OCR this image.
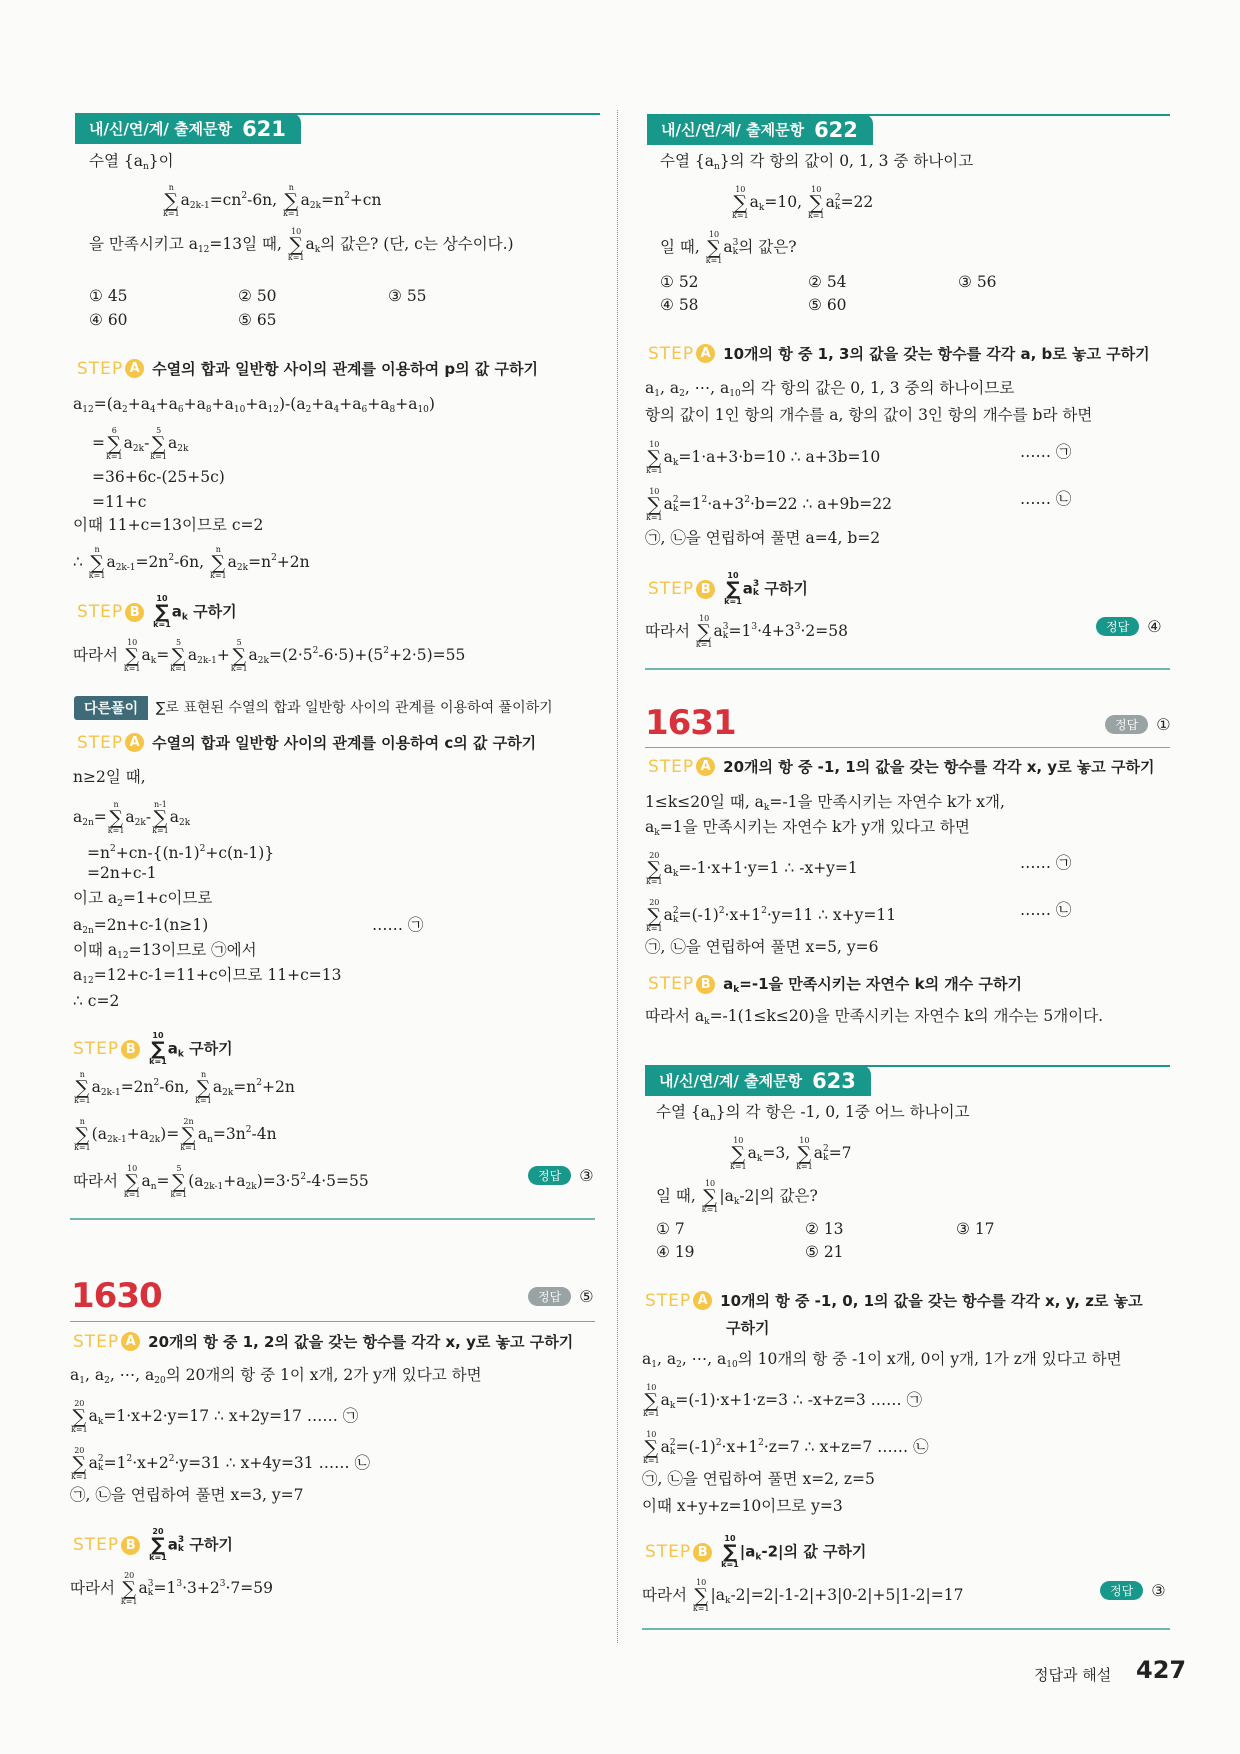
내/신/연/계/ 출제문항 621
수열 $\{a_n\}$이
n
∑
k=1
$a_{2k-1}=cn^2-6n$,
n
∑
k=1
$a_{2k}=n^2+cn$
을 만족시키고 $a_{12}=13$일 때,
10
∑
k=1
$a_k$의 값은? (단, c는 상수이다.)
① 45	② 50	③ 55
④ 60	⑤ 65
STEP A 수열의 합과 일반항 사이의 관계를 이용하여 p의 값 구하기
$a_{12}=(a_2+a_4+a_6+a_8+a_{10}+a_{12})-(a_2+a_4+a_6+a_8+a_{10})$
=
6
∑
k=1
$a_{2k}-$
5
∑
k=1
$a_{2k}$
=36+6c-(25+5c)
=11+c
이때 11+c=13이므로 c=2
∴
n
∑
k=1
$a_{2k-1}=2n^2-6n$,
n
∑
k=1
$a_{2k}=n^2+2n$
STEP B
10
∑
k=1
$a_k$ 구하기
따라서
10
∑
k=1
$a_k=$
5
∑
k=1
$a_{2k-1}+$
5
∑
k=1
$a_{2k}=(2\cdot 5^2-6\cdot 5)+(5^2+2\cdot 5)=55$
다른풀이	∑로 표현된 수열의 합과 일반항 사이의 관계를 이용하여 풀이하기
STEP A 수열의 합과 일반항 사이의 관계를 이용하여 c의 값 구하기
n≥2일 때,
$a_{2n}=$
n
∑
k=1
$a_{2k}-$
n-1
∑
k=1
$a_{2k}$
$=n^2+cn-\{(n-1)^2+c(n-1)\}$
=2n+c-1
이고 $a_2=1+c$이므로
$a_{2n}=2n+c-1(n\ge 1)$	…… ㉠
이때 $a_{12}=13$이므로 ㉠에서
$a_{12}=12+c-1=11+c$이므로 11+c=13
∴ c=2
STEP B
10
∑
k=1
$a_k$ 구하기
n
∑
k=1
$a_{2k-1}=2n^2-6n$,
n
∑
k=1
$a_{2k}=n^2+2n$
n
∑
k=1
$(a_{2k-1}+a_{2k})=$
2n
∑
k=1
$a_n=3n^2-4n$
따라서
10
∑
k=1
$a_n=$
5
∑
k=1
$(a_{2k-1}+a_{2k})=3\cdot 5^2-4\cdot 5=55$	정답	③
1630	정답	⑤
STEP A 20개의 항 중 1, 2의 값을 갖는 항수를 각각 x, y로 놓고 구하기
$a_1$, $a_2$, ⋯, $a_{20}$의 20개의 항 중 1이 x개, 2가 y개 있다고 하면
20
∑
k=1
$a_k=1\cdot x+2\cdot y=17$ ∴ x+2y=17 …… ㉠
20
∑
k=1
a 2
$k =1^2\cdot x+2^2\cdot y=31$ ∴ x+4y=31 …… ㉡
㉠, ㉡을 연립하여 풀면 x=3, y=7
STEP B
20
∑
k=1
a 3
k 구하기
따라서
20
∑
k=1
a 3
$k =1^3\cdot 3+2^3\cdot 7=59$
내/신/연/계/ 출제문항 622
수열 $\{a_n\}$의 각 항의 값이 0, 1, 3 중 하나이고
10
∑
k=1
$a_k=10$,
10
∑
k=1
a 2
k =22
일 때,
10
∑
k=1
a 3
k 의 값은?
① 52	② 54	③ 56
④ 58	⑤ 60
STEP A 10개의 항 중 1, 3의 값을 갖는 항수를 각각 a, b로 놓고 구하기
$a_1$, $a_2$, ⋯, $a_{10}$의 각 항의 값은 0, 1, 3 중의 하나이므로
항의 값이 1인 항의 개수를 a, 항의 값이 3인 항의 개수를 b라 하면
10
∑
k=1
$a_k=1\cdot a+3\cdot b=10$ ∴ a+3b=10	…… ㉠
10
∑
k=1
a 2
$k =1^2\cdot a+3^2\cdot b=22$ ∴ a+9b=22	…… ㉡
㉠, ㉡을 연립하여 풀면 a=4, b=2
STEP B
10
∑
k=1
a 3
k 구하기
따라서
10
∑
k=1
a 3
$k =1^3\cdot 4+3^3\cdot 2=58$	정답	④
1631	정답	①
STEP A 20개의 항 중 -1, 1의 값을 갖는 항수를 각각 x, y로 놓고 구하기
1≤k≤20일 때, $a_k=-1$을 만족시키는 자연수 k가 x개,
$a_k=1$을 만족시키는 자연수 k가 y개 있다고 하면
20
∑
k=1
$a_k=-1\cdot x+1\cdot y=1$ ∴ -x+y=1	…… ㉠
20
∑
k=1
a 2
$k =(-1)^2\cdot x+1^2\cdot y=11$ ∴ x+y=11	…… ㉡
㉠, ㉡을 연립하여 풀면 x=5, y=6
STEP B $a_k=-1$을 만족시키는 자연수 k의 개수 구하기
따라서 $a_k=-1(1\le k\le 20)$을 만족시키는 자연수 k의 개수는 5개이다.
내/신/연/계/ 출제문항 623
수열 $\{a_n\}$의 각 항은 -1, 0, 1중 어느 하나이고
10
∑
k=1
$a_k=3$,
10
∑
k=1
a 2
k =7
일 때,
10
∑
k=1
$|a_k-2|$의 값은?
① 7	② 13	③ 17
④ 19	⑤ 21
STEP A 10개의 항 중 -1, 0, 1의 값을 갖는 항수를 각각 x, y, z로 놓고
구하기
$a_1$, $a_2$, ⋯, $a_{10}$의 10개의 항 중 -1이 x개, 0이 y개, 1가 z개 있다고 하면
10
∑
k=1
$a_k=(-1)\cdot x+1\cdot z=3$ ∴ -x+z=3 …… ㉠
10
∑
k=1
a 2
$k =(-1)^2\cdot x+1^2\cdot z=7$ ∴ x+z=7 …… ㉡
㉠, ㉡을 연립하여 풀면 x=2, z=5
이때 x+y+z=10이므로 y=3
STEP B
10
∑
k=1
$|a_k-2|$의 값 구하기
따라서
10
∑
k=1
$|a_k-2|=2|-1-2|+3|0-2|+5|1-2|=17$	정답	③
정답과 해설 427
